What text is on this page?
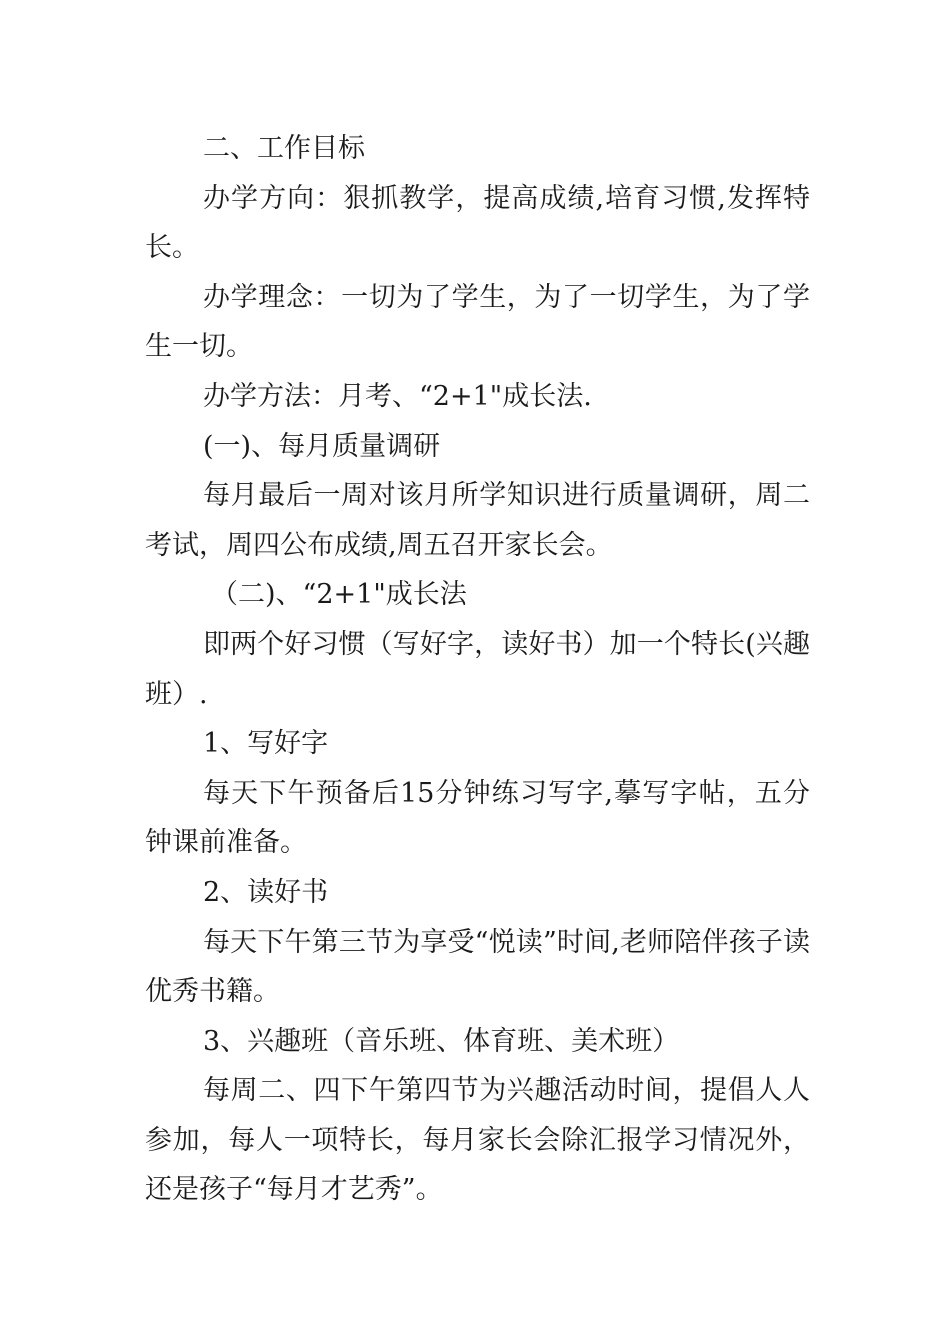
二、工作目标

办学方向：狠抓教学，提高成绩,培育习惯,发挥特长。

办学理念：一切为了学生，为了一切学生，为了学生一切。

办学方法：月考、“2+1"成长法.

(一)、每月质量调研

每月最后一周对该月所学知识进行质量调研，周二考试，周四公布成绩,周五召开家长会。

（二)、“2+1"成长法

即两个好习惯（写好字，读好书）加一个特长(兴趣班）.

1、写好字

每天下午预备后15分钟练习写字,摹写字帖，五分钟课前准备。

2、读好书

每天下午第三节为享受“悦读”时间,老师陪伴孩子读优秀书籍。

3、兴趣班（音乐班、体育班、美术班）

每周二、四下午第四节为兴趣活动时间，提倡人人参加，每人一项特长，每月家长会除汇报学习情况外，还是孩子“每月才艺秀”。
